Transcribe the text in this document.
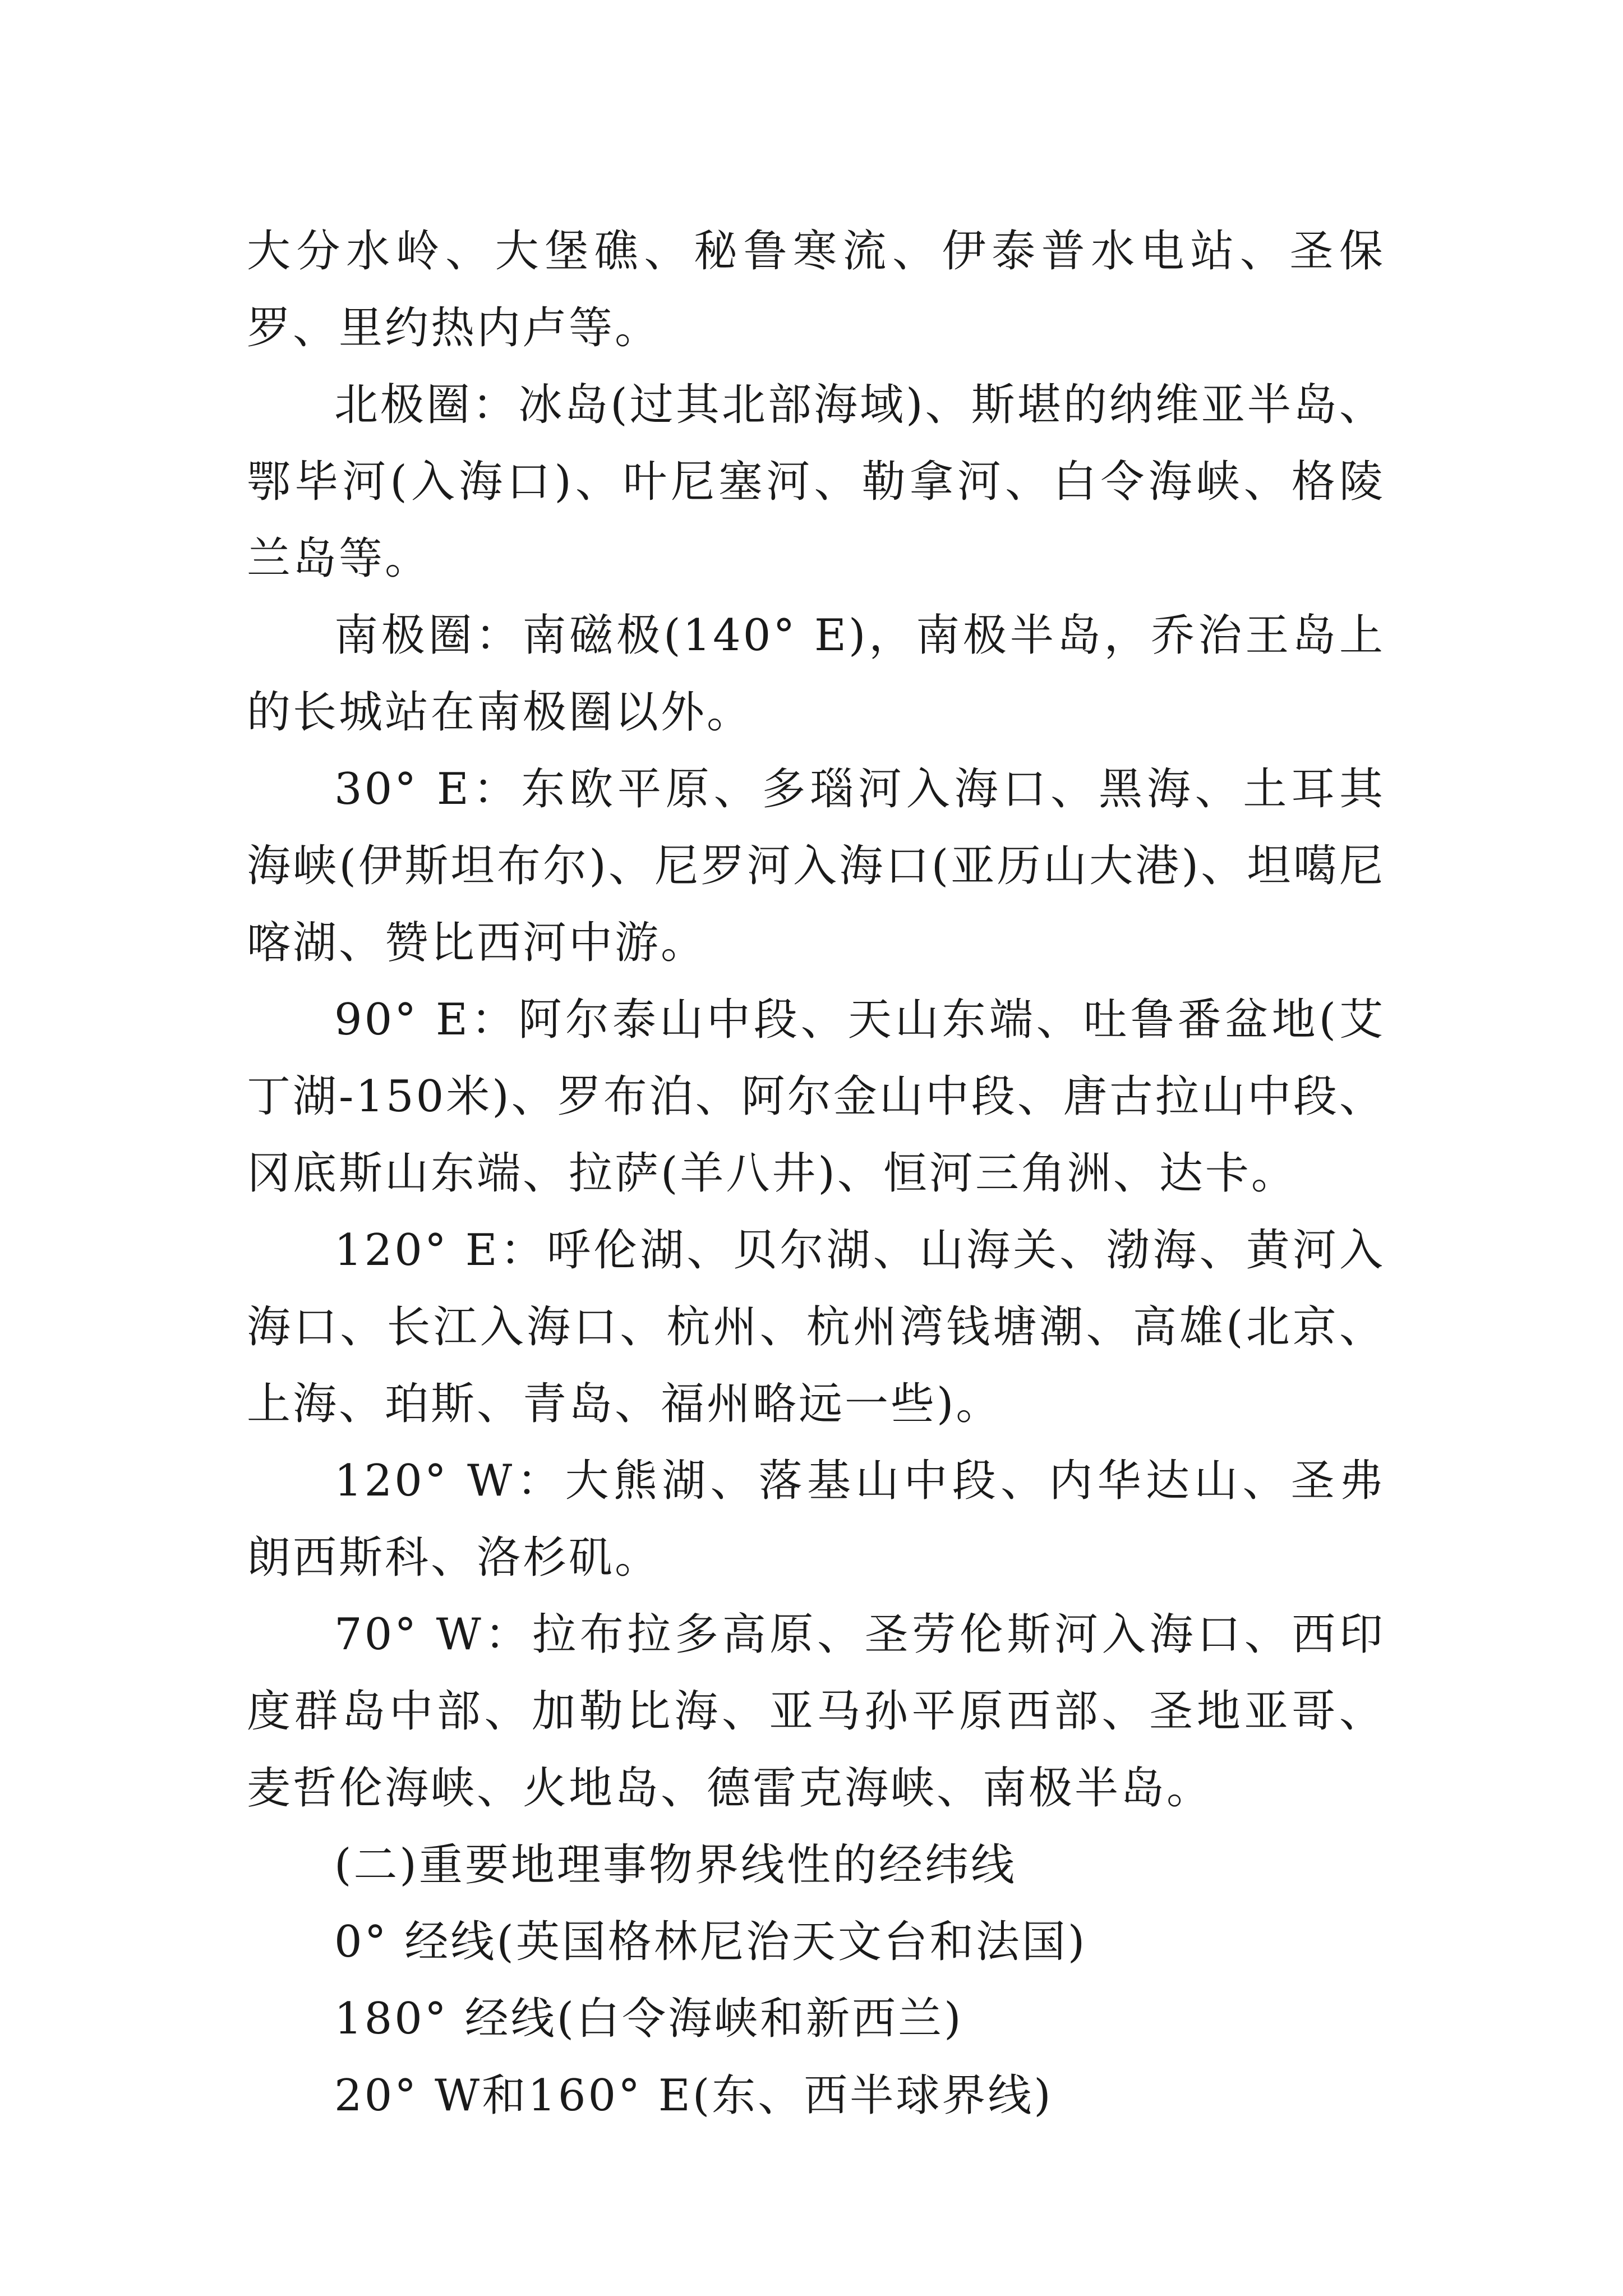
大分水岭、大堡礁、秘鲁寒流、伊泰普水电站、圣保罗、里约热内卢等。

北极圈：冰岛(过其北部海域)、斯堪的纳维亚半岛、鄂毕河(入海口)、叶尼塞河、勒拿河、白令海峡、格陵兰岛等。

南极圈：南磁极(140° E)，南极半岛，乔治王岛上的长城站在南极圈以外。

30° E：东欧平原、多瑙河入海口、黑海、土耳其海峡(伊斯坦布尔)、尼罗河入海口(亚历山大港)、坦噶尼喀湖、赞比西河中游。

90° E：阿尔泰山中段、天山东端、吐鲁番盆地(艾丁湖-150米)、罗布泊、阿尔金山中段、唐古拉山中段、冈底斯山东端、拉萨(羊八井)、恒河三角洲、达卡。

120° E：呼伦湖、贝尔湖、山海关、渤海、黄河入海口、长江入海口、杭州、杭州湾钱塘潮、高雄(北京、上海、珀斯、青岛、福州略远一些)。

120° W：大熊湖、落基山中段、内华达山、圣弗朗西斯科、洛杉矶。

70° W：拉布拉多高原、圣劳伦斯河入海口、西印度群岛中部、加勒比海、亚马孙平原西部、圣地亚哥、麦哲伦海峡、火地岛、德雷克海峡、南极半岛。

(二)重要地理事物界线性的经纬线

0° 经线(英国格林尼治天文台和法国)

180° 经线(白令海峡和新西兰)

20° W和160° E(东、西半球界线)
